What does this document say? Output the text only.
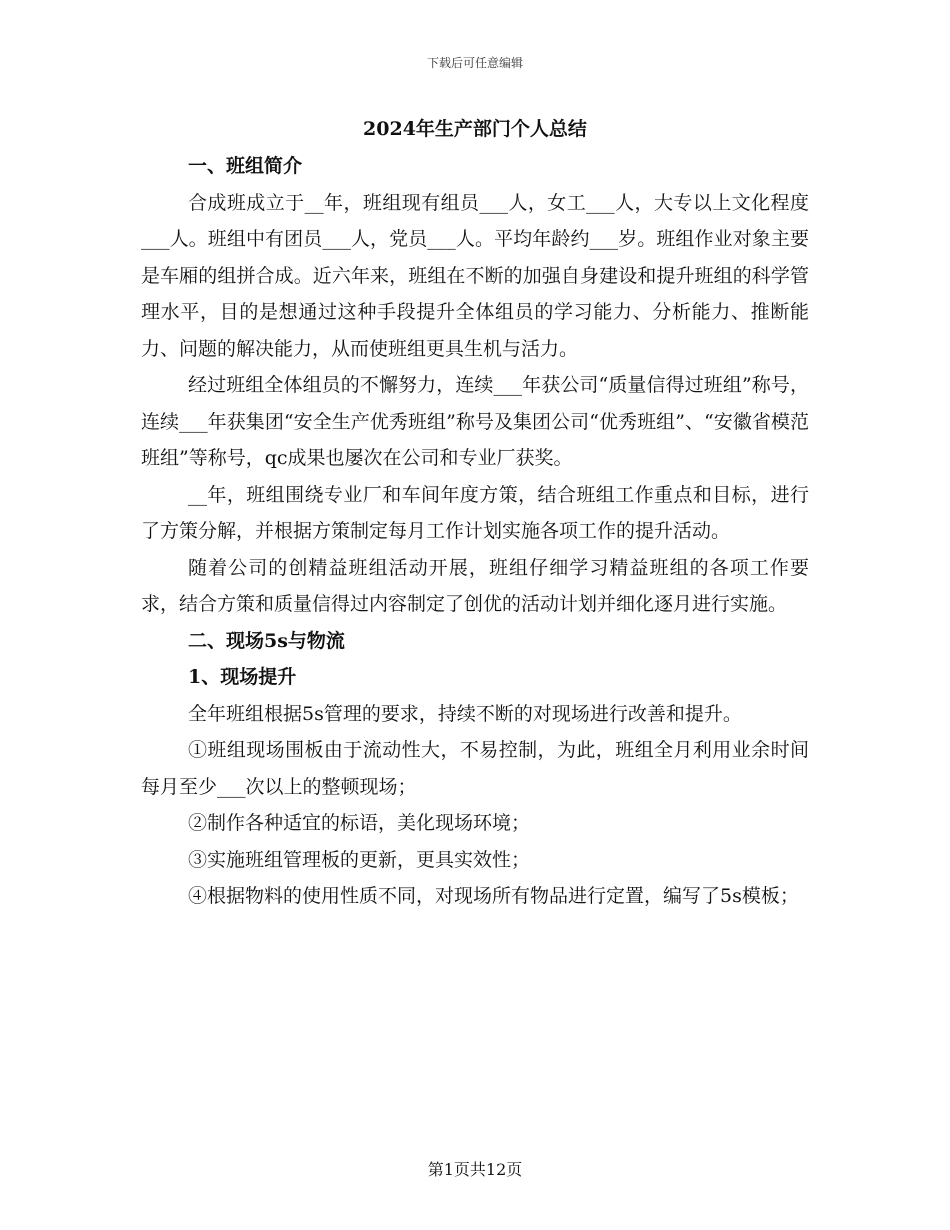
下载后可任意编辑
2024年生产部门个人总结

一、班组简介

合成班成立于__年，班组现有组员___人，女工___人，大专以上文化程度___人。班组中有团员___人，党员___人。平均年龄约___岁。班组作业对象主要是车厢的组拼合成。近六年来，班组在不断的加强自身建设和提升班组的科学管理水平，目的是想通过这种手段提升全体组员的学习能力、分析能力、推断能力、问题的解决能力，从而使班组更具生机与活力。

经过班组全体组员的不懈努力，连续___年获公司“质量信得过班组”称号，连续___年获集团“安全生产优秀班组”称号及集团公司“优秀班组”、“安徽省模范班组”等称号，qc成果也屡次在公司和专业厂获奖。

__年，班组围绕专业厂和车间年度方策，结合班组工作重点和目标，进行了方策分解，并根据方策制定每月工作计划实施各项工作的提升活动。

随着公司的创精益班组活动开展，班组仔细学习精益班组的各项工作要求，结合方策和质量信得过内容制定了创优的活动计划并细化逐月进行实施。

二、现场5s与物流

1、现场提升

全年班组根据5s管理的要求，持续不断的对现场进行改善和提升。

①班组现场围板由于流动性大，不易控制，为此，班组全月利用业余时间每月至少___次以上的整顿现场；

②制作各种适宜的标语，美化现场环境；

③实施班组管理板的更新，更具实效性；

④根据物料的使用性质不同，对现场所有物品进行定置，编写了5s模板；

第1页共12页
